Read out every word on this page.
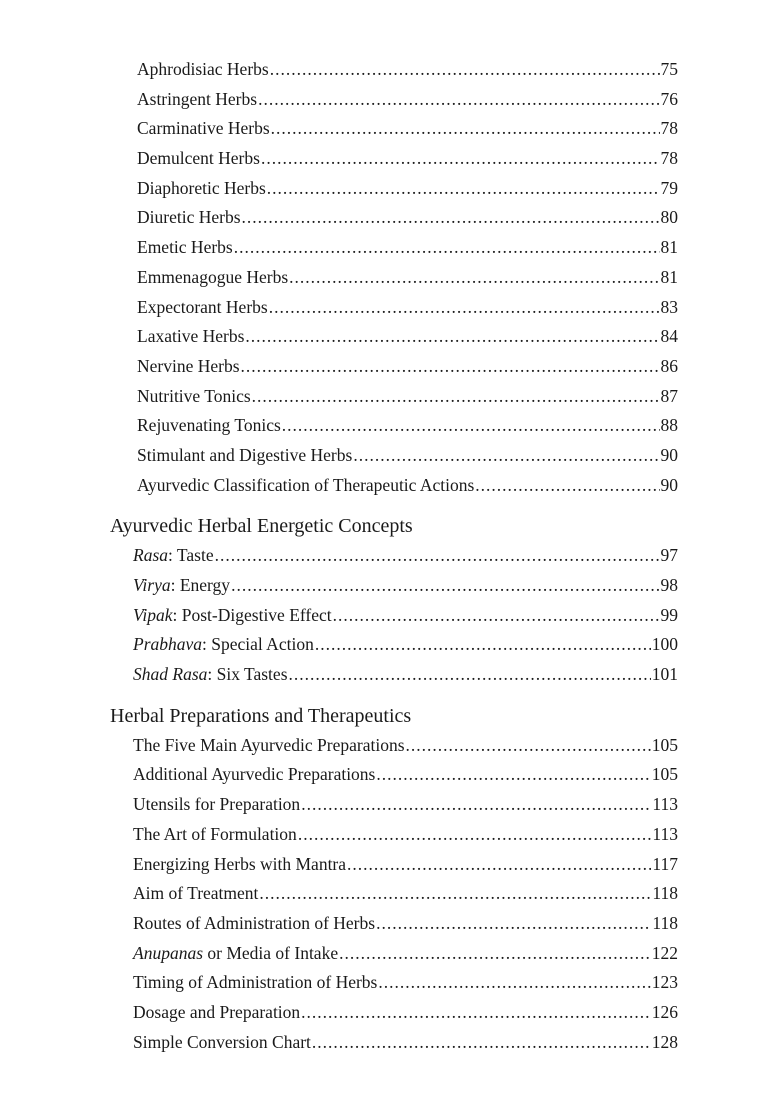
Aphrodisiac Herbs .....	75
Astringent Herbs .....	76
Carminative Herbs .....	78
Demulcent Herbs .....	78
Diaphoretic Herbs .....	79
Diuretic Herbs .....	80
Emetic Herbs .....	81
Emmenagogue Herbs .....	81
Expectorant Herbs .....	83
Laxative Herbs .....	84
Nervine Herbs .....	86
Nutritive Tonics .....	87
Rejuvenating Tonics .....	88
Stimulant and Digestive Herbs .....	90
Ayurvedic Classification of Therapeutic Actions .....	90
Ayurvedic Herbal Energetic Concepts
Rasa: Taste .....	97
Virya: Energy .....	98
Vipak: Post-Digestive Effect .....	99
Prabhava: Special Action .....	100
Shad Rasa: Six Tastes .....	101
Herbal Preparations and Therapeutics
The Five Main Ayurvedic Preparations .....	105
Additional Ayurvedic Preparations .....	105
Utensils for Preparation .....	113
The Art of Formulation .....	113
Energizing Herbs with Mantra .....	117
Aim of Treatment .....	118
Routes of Administration of Herbs .....	118
Anupanas or Media of Intake .....	122
Timing of Administration of Herbs .....	123
Dosage and Preparation .....	126
Simple Conversion Chart .....	128
